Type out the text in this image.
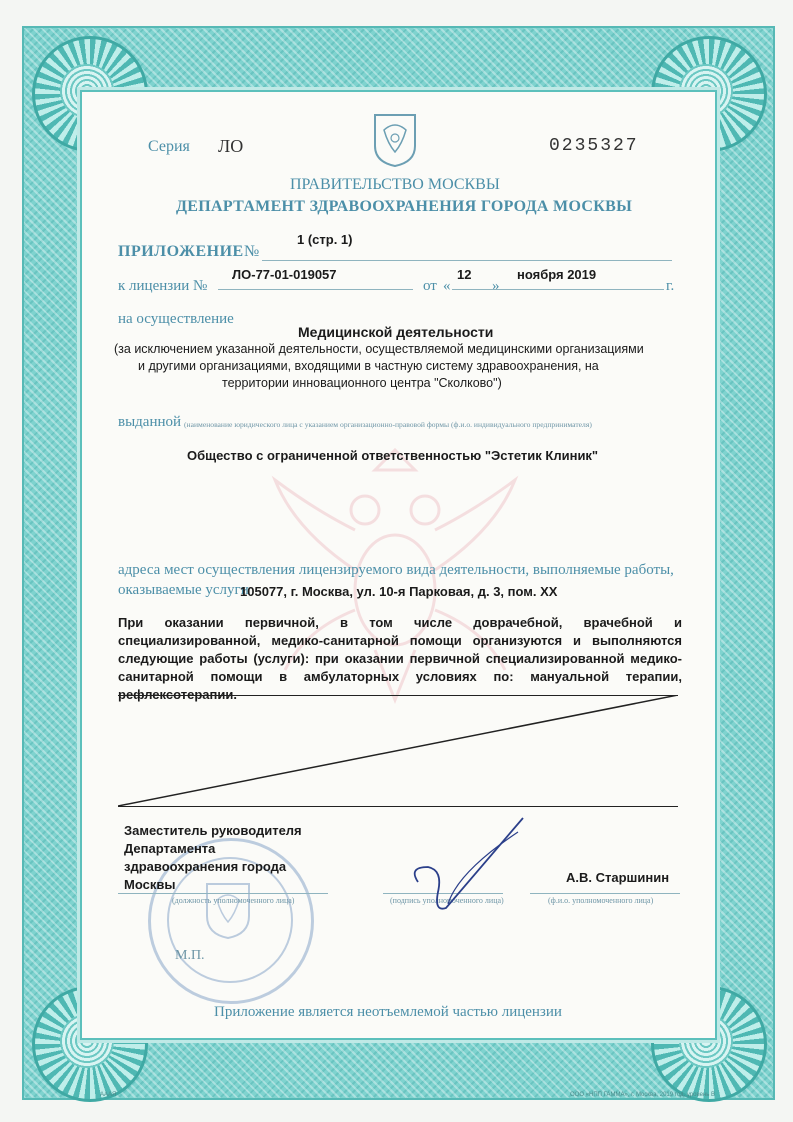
Серия ЛО	0235327
ПРАВИТЕЛЬСТВО МОСКВЫ
ДЕПАРТАМЕНТ ЗДРАВООХРАНЕНИЯ ГОРОДА МОСКВЫ
ПРИЛОЖЕНИЕ №
1 (стр. 1)
к лицензии №
ЛО-77-01-019057
от «
12
»
ноября 2019
г.
на осуществление
Медицинской деятельности
(за исключением указанной деятельности, осуществляемой медицинскими организациями
и другими организациями, входящими в частную систему здравоохранения, на
территории инновационного центра "Сколково")
выданной (наименование юридического лица с указанием организационно-правовой формы (ф.и.о. индивидуального предпринимателя)
Общество с ограниченной ответственностью "Эстетик Клиник"
адреса мест осуществления лицензируемого вида деятельности, выполняемые работы,
оказываемые услуги
105077, г. Москва, ул. 10-я Парковая, д. 3, пом. XX
При оказании первичной, в том числе доврачебной, врачебной и
специализированной, медико-санитарной помощи организуются и выполняются
следующие работы (услуги): при оказании первичной специализированной медико-
санитарной помощи в амбулаторных условиях по: мануальной терапии,
рефлексотерапии.
Заместитель руководителя
Департамента
здравоохранения города
Москвы	А.В. Старшинин
(должность уполномоченного лица)	(подпись уполномоченного лица)	(ф.и.о. уполномоченного лица)
М.П.
Приложение является неотъемлемой частью лицензии
АААЯ	ООО «НПП ГАММА», г. Москва, 2019 год, уровень В
